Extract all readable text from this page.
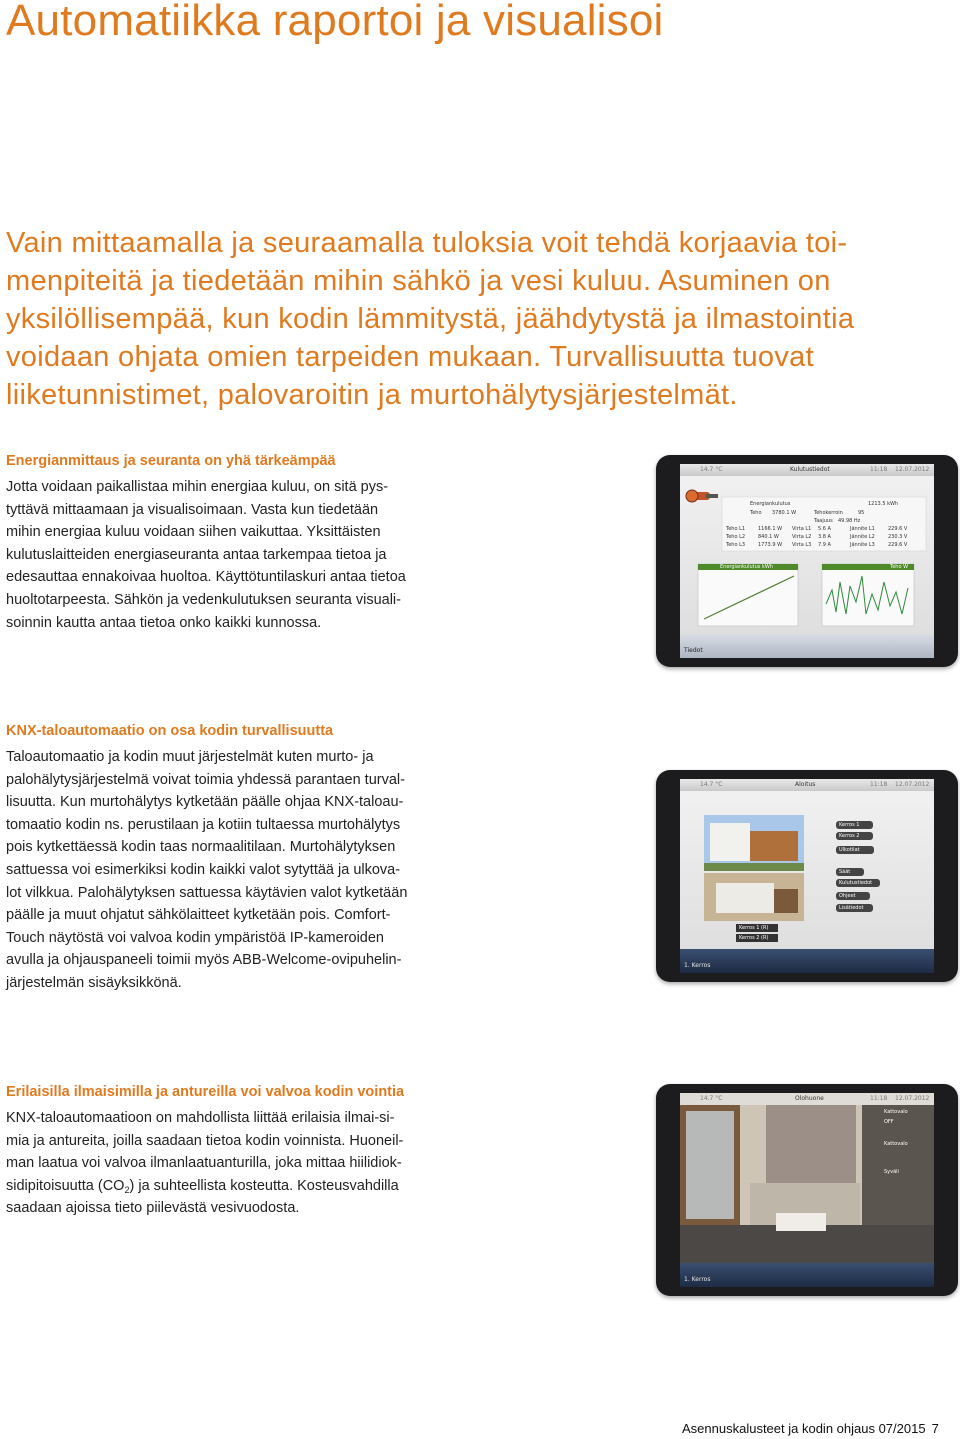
Automatiikka raportoi ja visualisoi
Vain mittaamalla ja seuraamalla tuloksia voit tehdä korjaavia toi-
menpiteitä ja tiedetään mihin sähkö ja vesi kuluu. Asuminen on
yksilöllisempää, kun kodin lämmitystä, jäähdytystä ja ilmastointia
voidaan ohjata omien tarpeiden mukaan. Turvallisuutta tuovat
liiketunnistimet, palovaroitin ja murtohälytysjärjestelmät.
Energianmittaus ja seuranta on yhä tärkeämpää

Jotta voidaan paikallistaa mihin energiaa kuluu, on sitä pys-
tyttävä mittaamaan ja visualisoimaan. Vasta kun tiedetään
mihin energiaa kuluu voidaan siihen vaikuttaa. Yksittäisten
kulutuslaitteiden energiaseuranta antaa tarkempaa tietoa ja
edesauttaa ennakoivaa huoltoa. Käyttötuntilaskuri antaa tietoa
huoltotarpeesta. Sähkön ja vedenkulutuksen seuranta visuali-
soinnin kautta antaa tietoa onko kaikki kunnossa.

KNX-taloautomaatio on osa kodin turvallisuutta

Taloautomaatio ja kodin muut järjestelmät kuten murto- ja
palohälytysjärjestelmä voivat toimia yhdessä parantaen turval-
lisuutta. Kun murtohälytys kytketään päälle ohjaa KNX-taloau-
tomaatio kodin ns. perustilaan ja kotiin tultaessa murtohälytys
pois kytkettäessä kodin taas normaalitilaan. Murtohälytyksen
sattuessa voi esimerkiksi kodin kaikki valot sytyttää ja ulkova-
lot vilkkua. Palohälytyksen sattuessa käytävien valot kytketään
päälle ja muut ohjatut sähkölaitteet kytketään pois. Comfort-
Touch näytöstä voi valvoa kodin ympäristöä IP-kameroiden
avulla ja ohjauspaneeli toimii myös ABB-Welcome-ovipuhelin-
järjestelmän sisäyksikkönä.

Erilaisilla ilmaisimilla ja antureilla voi valvoa kodin vointia

KNX-taloautomaatioon on mahdollista liittää erilaisia ilmai-si-
mia ja antureita, joilla saadaan tietoa kodin voinnista. Huoneil-
man laatua voi valvoa ilmanlaatuanturilla, joka mittaa hiilidiok-
sidipitoisuutta $(CO_2)$ ja suhteellista kosteutta. Kosteusvahdilla
saadaan ajoissa tieto piilevästä vesivuodosta.

14.7 °C	Kulutustiedot	11:18 12.07.2012
Energiankulutus	1213.5 kWh
Teho 3780.1 W	Tehokerroin	95
Taajuus 49.98 Hz
Teho L1	1166.1 W Virta L1 5.6 A	Jännite L1	229.6 V
Teho L2	840.1 W	Virta L2 3.8 A	Jännite L2	230.3 V
Teho L3	1773.9 W Virta L3 7.9 A	Jännite L3	229.6 V
Energiankulutus kWh	Teho W
Tiedot
14.7 °C	Aloitus	11:18 12.07.2012
Kerros 1
Kerros 2
Ulkotilat
Säät
Kulutustiedot
Ohjeet
Lisätiedot
Kerros 1 (R)
Kerros 2 (R)
1. Kerros
14.7 °C	Olohuone	11:18 12.07.2012
Kattovalo
OFF
Kattovalo
Syväli
1. Kerros
Asennuskalusteet ja kodin ohjaus 07/2015 7
